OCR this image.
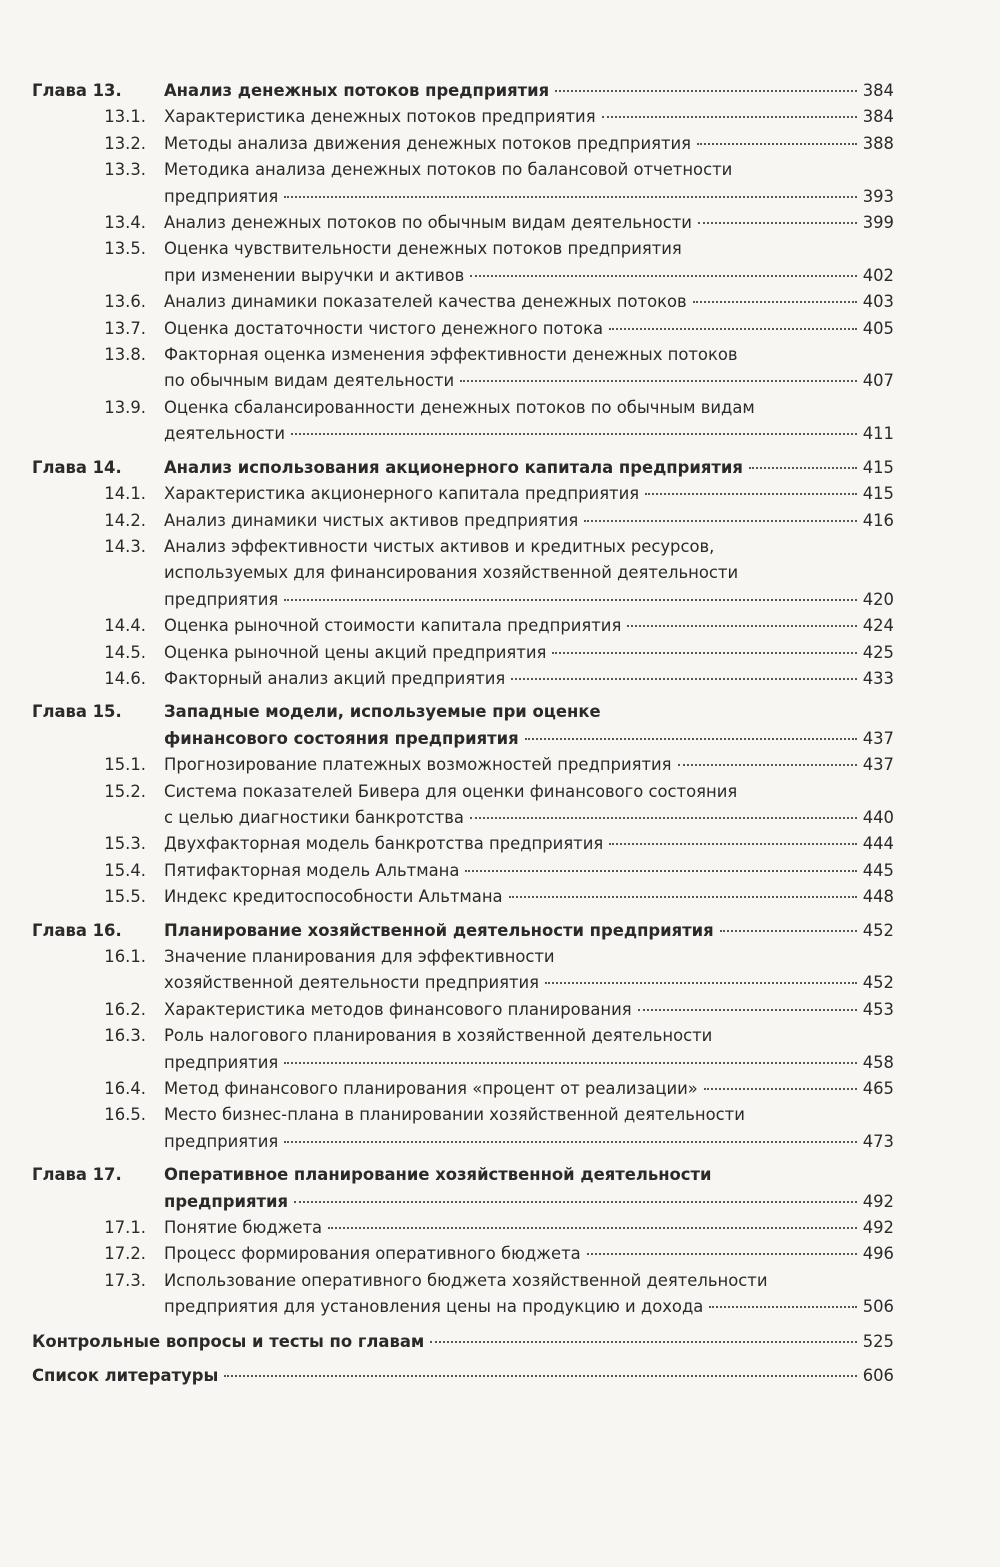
Глава 13.	Анализ денежных потоков предприятия	384
13.1. Характеристика денежных потоков предприятия	384
13.2. Методы анализа движения денежных потоков предприятия	388
13.3. Методика анализа денежных потоков по балансовой отчетности
предприятия	393
13.4. Анализ денежных потоков по обычным видам деятельности	399
13.5. Оценка чувствительности денежных потоков предприятия
при изменении выручки и активов	402
13.6. Анализ динамики показателей качества денежных потоков	403
13.7. Оценка достаточности чистого денежного потока	405
13.8. Факторная оценка изменения эффективности денежных потоков
по обычным видам деятельности	407
13.9. Оценка сбалансированности денежных потоков по обычным видам
деятельности	411
Глава 14.	Анализ использования акционерного капитала предприятия	415
14.1. Характеристика акционерного капитала предприятия	415
14.2. Анализ динамики чистых активов предприятия	416
14.3. Анализ эффективности чистых активов и кредитных ресурсов,
используемых для финансирования хозяйственной деятельности
предприятия	420
14.4. Оценка рыночной стоимости капитала предприятия	424
14.5. Оценка рыночной цены акций предприятия	425
14.6. Факторный анализ акций предприятия	433
Глава 15.	Западные модели, используемые при оценке
финансового состояния предприятия	437
15.1. Прогнозирование платежных возможностей предприятия	437
15.2. Система показателей Бивера для оценки финансового состояния
с целью диагностики банкротства	440
15.3. Двухфакторная модель банкротства предприятия	444
15.4. Пятифакторная модель Альтмана	445
15.5. Индекс кредитоспособности Альтмана	448
Глава 16.	Планирование хозяйственной деятельности предприятия	452
16.1. Значение планирования для эффективности
хозяйственной деятельности предприятия	452
16.2. Характеристика методов финансового планирования	453
16.3. Роль налогового планирования в хозяйственной деятельности
предприятия	458
16.4. Метод финансового планирования «процент от реализации»	465
16.5. Место бизнес-плана в планировании хозяйственной деятельности
предприятия	473
Глава 17.	Оперативное планирование хозяйственной деятельности
предприятия	492
17.1. Понятие бюджета	492
17.2. Процесс формирования оперативного бюджета	496
17.3. Использование оперативного бюджета хозяйственной деятельности
предприятия для установления цены на продукцию и дохода	506
Контрольные вопросы и тесты по главам	525
Список литературы	606
